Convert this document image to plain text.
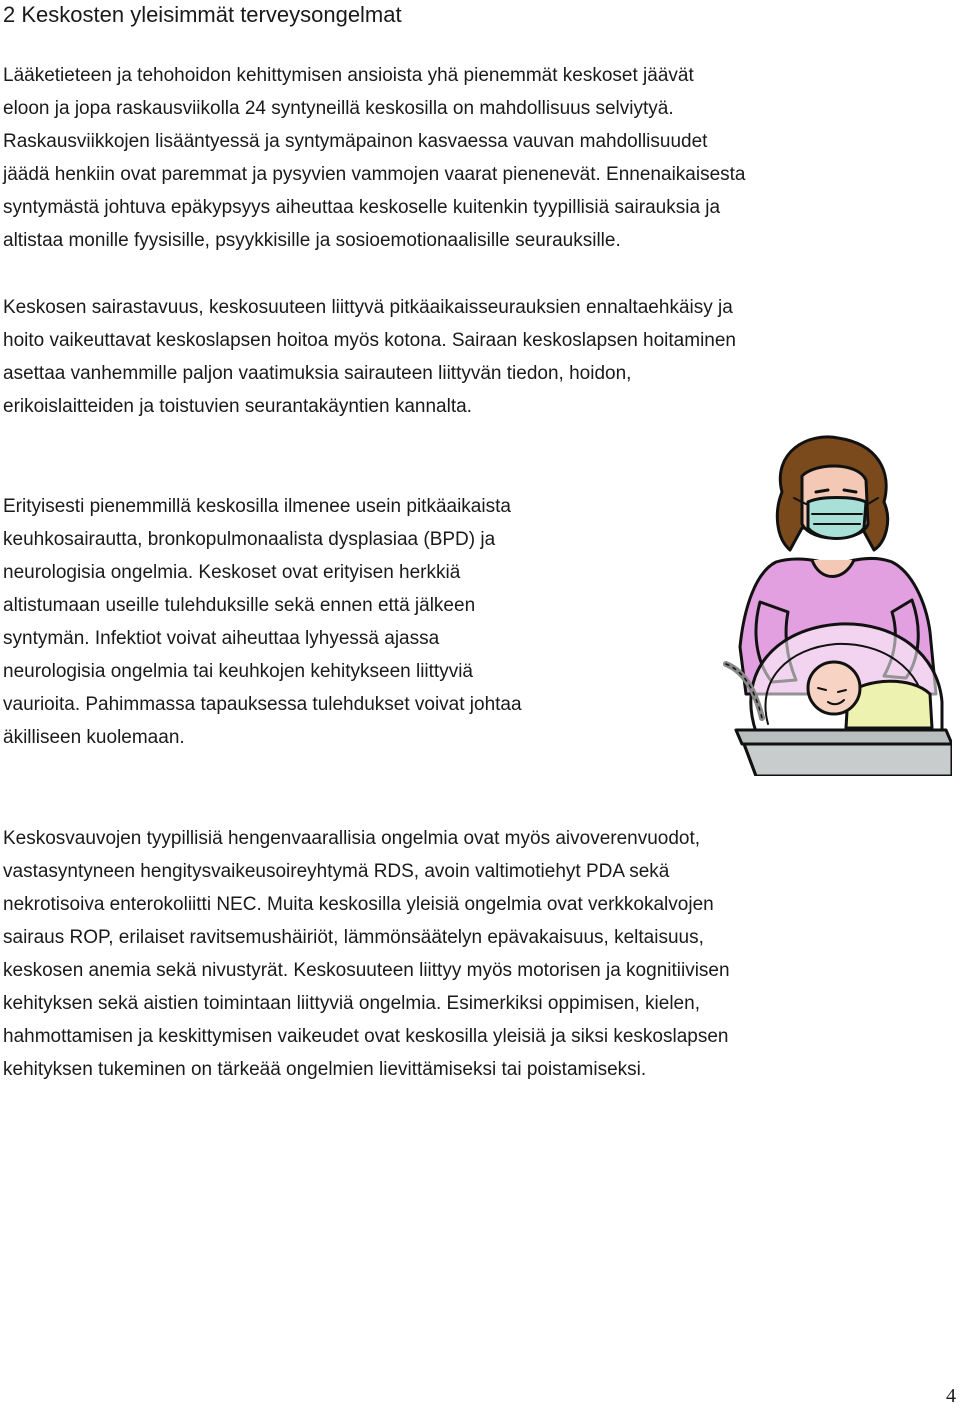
2 Keskosten yleisimmät terveysongelmat
Lääketieteen ja tehohoidon kehittymisen ansioista yhä pienemmät keskoset jäävät
eloon ja jopa raskausviikolla 24 syntyneillä keskosilla on mahdollisuus selviytyä.
Raskausviikkojen lisääntyessä ja syntymäpainon kasvaessa vauvan mahdollisuudet
jäädä henkiin ovat paremmat ja pysyvien vammojen vaarat pienenevät. Ennenaikaisesta
syntymästä johtuva epäkypsyys aiheuttaa keskoselle kuitenkin tyypillisiä sairauksia ja
altistaa monille fyysisille, psyykkisille ja sosioemotionaalisille seurauksille.
Keskosen sairastavuus, keskosuuteen liittyvä pitkäaikaisseurauksien ennaltaehkäisy ja
hoito vaikeuttavat keskoslapsen hoitoa myös kotona. Sairaan keskoslapsen hoitaminen
asettaa vanhemmille paljon vaatimuksia sairauteen liittyvän tiedon, hoidon,
erikoislaitteiden ja toistuvien seurantakäyntien kannalta.
Erityisesti pienemmillä keskosilla ilmenee usein pitkäaikaista
keuhkosairautta, bronkopulmonaalista dysplasiaa (BPD) ja
neurologisia ongelmia. Keskoset ovat erityisen herkkiä
altistumaan useille tulehduksille sekä ennen että jälkeen
syntymän. Infektiot voivat aiheuttaa lyhyessä ajassa
neurologisia ongelmia tai keuhkojen kehitykseen liittyviä
vaurioita. Pahimmassa tapauksessa tulehdukset voivat johtaa
äkilliseen kuolemaan.
Keskosvauvojen tyypillisiä hengenvaarallisia ongelmia ovat myös aivoverenvuodot,
vastasyntyneen hengitysvaikeusoireyhtymä RDS, avoin valtimotiehyt PDA sekä
nekrotisoiva enterokoliitti NEC. Muita keskosilla yleisiä ongelmia ovat verkkokalvojen
sairaus ROP, erilaiset ravitsemushäiriöt, lämmönsäätelyn epävakaisuus, keltaisuus,
keskosen anemia sekä nivustyrät. Keskosuuteen liittyy myös motorisen ja kognitiivisen
kehityksen sekä aistien toimintaan liittyviä ongelmia. Esimerkiksi oppimisen, kielen,
hahmottamisen ja keskittymisen vaikeudet ovat keskosilla yleisiä ja siksi keskoslapsen
kehityksen tukeminen on tärkeää ongelmien lievittämiseksi tai poistamiseksi.
4
